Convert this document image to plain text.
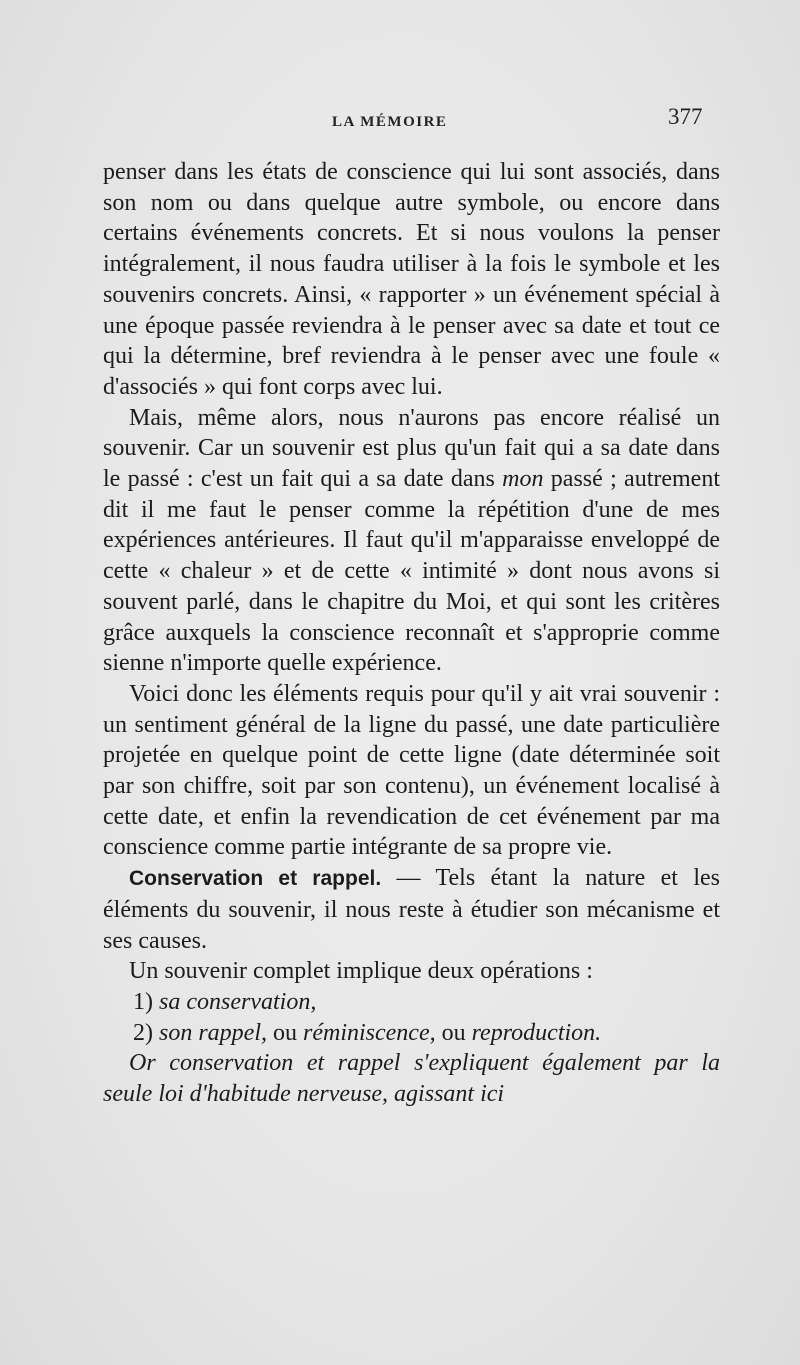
LA MÉMOIRE	377

penser dans les états de conscience qui lui sont associés, dans son nom ou dans quelque autre symbole, ou encore dans certains événements concrets. Et si nous voulons la penser intégralement, il nous faudra utiliser à la fois le symbole et les souvenirs concrets. Ainsi, « rapporter » un événement spécial à une époque passée reviendra à le penser avec sa date et tout ce qui la détermine, bref reviendra à le penser avec une foule « d'associés » qui font corps avec lui.

Mais, même alors, nous n'aurons pas encore réalisé un souvenir. Car un souvenir est plus qu'un fait qui a sa date dans le passé : c'est un fait qui a sa date dans mon passé ; autrement dit il me faut le penser comme la répétition d'une de mes expériences antérieures. Il faut qu'il m'apparaisse enveloppé de cette « chaleur » et de cette « intimité » dont nous avons si souvent parlé, dans le chapitre du Moi, et qui sont les critères grâce auxquels la conscience reconnaît et s'approprie comme sienne n'importe quelle expérience.

Voici donc les éléments requis pour qu'il y ait vrai souvenir : un sentiment général de la ligne du passé, une date particulière projetée en quelque point de cette ligne (date déterminée soit par son chiffre, soit par son contenu), un événement localisé à cette date, et enfin la revendication de cet événement par ma conscience comme partie intégrante de sa propre vie.

Conservation et rappel. — Tels étant la nature et les éléments du souvenir, il nous reste à étudier son mécanisme et ses causes.

Un souvenir complet implique deux opérations :

1) sa conservation,

2) son rappel, ou réminiscence, ou reproduction.

Or conservation et rappel s'expliquent également par la seule loi d'habitude nerveuse, agissant ici
